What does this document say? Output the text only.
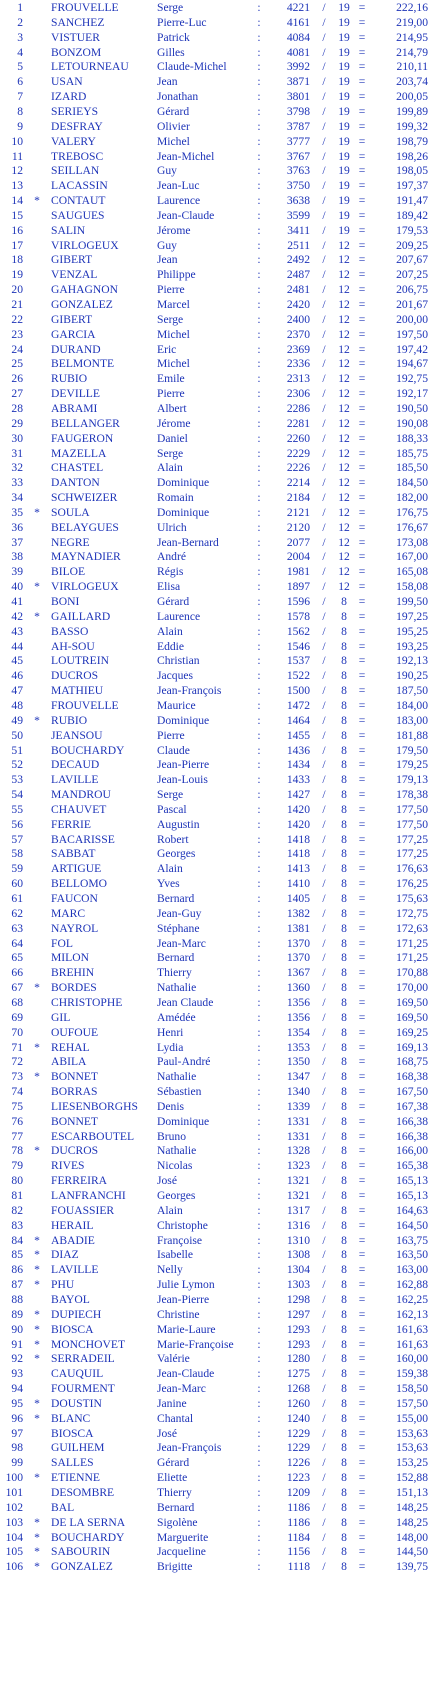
1 FROUVELLE	Serge	:	4221 /	19 =	222,16
2 SANCHEZ	Pierre-Luc	:	4161 /	19 =	219,00
3 VISTUER	Patrick	:	4084 /	19 =	214,95
4 BONZOM	Gilles	:	4081 /	19 =	214,79
5 LETOURNEAU Claude-Michel	:	3992 /	19 =	210,11
6 USAN	Jean	:	3871 /	19 =	203,74
7 IZARD	Jonathan	:	3801 /	19 =	200,05
8 SERIEYS	Gérard	:	3798 /	19 =	199,89
9 DESFRAY	Olivier	:	3787 /	19 =	199,32
10 VALERY	Michel	:	3777 /	19 =	198,79
11 TREBOSC	Jean-Michel	:	3767 /	19 =	198,26
12 SEILLAN	Guy	:	3763 /	19 =	198,05
13 LACASSIN	Jean-Luc	:	3750 /	19 =	197,37
14 * CONTAUT	Laurence	:	3638 /	19 =	191,47
15 SAUGUES	Jean-Claude	:	3599 /	19 =	189,42
16 SALIN	Jérome	:	3411 /	19 =	179,53
17 VIRLOGEUX	Guy	:	2511 /	12 =	209,25
18 GIBERT	Jean	:	2492 /	12 =	207,67
19 VENZAL	Philippe	:	2487 /	12 =	207,25
20 GAHAGNON	Pierre	:	2481 /	12 =	206,75
21 GONZALEZ	Marcel	:	2420 /	12 =	201,67
22 GIBERT	Serge	:	2400 /	12 =	200,00
23 GARCIA	Michel	:	2370 /	12 =	197,50
24 DURAND	Eric	:	2369 /	12 =	197,42
25 BELMONTE	Michel	:	2336 /	12 =	194,67
26 RUBIO	Emile	:	2313 /	12 =	192,75
27 DEVILLE	Pierre	:	2306 /	12 =	192,17
28 ABRAMI	Albert	:	2286 /	12 =	190,50
29 BELLANGER	Jérome	:	2281 /	12 =	190,08
30 FAUGERON	Daniel	:	2260 /	12 =	188,33
31 MAZELLA	Serge	:	2229 /	12 =	185,75
32 CHASTEL	Alain	:	2226 /	12 =	185,50
33 DANTON	Dominique	:	2214 /	12 =	184,50
34 SCHWEIZER	Romain	:	2184 /	12 =	182,00
35 * SOULA	Dominique	:	2121 /	12 =	176,75
36 BELAYGUES	Ulrich	:	2120 /	12 =	176,67
37 NEGRE	Jean-Bernard	:	2077 /	12 =	173,08
38 MAYNADIER	André	:	2004 /	12 =	167,00
39 BILOE	Régis	:	1981 /	12 =	165,08
40 * VIRLOGEUX	Elisa	:	1897 /	12 =	158,08
41 BONI	Gérard	:	1596 /	8	=	199,50
42 * GAILLARD	Laurence	:	1578 /	8	=	197,25
43 BASSO	Alain	:	1562 /	8	=	195,25
44 AH-SOU	Eddie	:	1546 /	8	=	193,25
45 LOUTREIN	Christian	:	1537 /	8	=	192,13
46 DUCROS	Jacques	:	1522 /	8	=	190,25
47 MATHIEU	Jean-François	:	1500 /	8	=	187,50
48 FROUVELLE	Maurice	:	1472 /	8	=	184,00
49 * RUBIO	Dominique	:	1464 /	8	=	183,00
50 JEANSOU	Pierre	:	1455 /	8	=	181,88
51 BOUCHARDY	Claude	:	1436 /	8	=	179,50
52 DECAUD	Jean-Pierre	:	1434 /	8	=	179,25
53 LAVILLE	Jean-Louis	:	1433 /	8	=	179,13
54 MANDROU	Serge	:	1427 /	8	=	178,38
55 CHAUVET	Pascal	:	1420 /	8	=	177,50
56 FERRIE	Augustin	:	1420 /	8	=	177,50
57 BACARISSE	Robert	:	1418 /	8	=	177,25
58 SABBAT	Georges	:	1418 /	8	=	177,25
59 ARTIGUE	Alain	:	1413 /	8	=	176,63
60 BELLOMO	Yves	:	1410 /	8	=	176,25
61 FAUCON	Bernard	:	1405 /	8	=	175,63
62 MARC	Jean-Guy	:	1382 /	8	=	172,75
63 NAYROL	Stéphane	:	1381 /	8	=	172,63
64 FOL	Jean-Marc	:	1370 /	8	=	171,25
65 MILON	Bernard	:	1370 /	8	=	171,25
66 BREHIN	Thierry	:	1367 /	8	=	170,88
67 * BORDES	Nathalie	:	1360 /	8	=	170,00
68 CHRISTOPHE	Jean Claude	:	1356 /	8	=	169,50
69 GIL	Amédée	:	1356 /	8	=	169,50
70 OUFOUE	Henri	:	1354 /	8	=	169,25
71 * REHAL	Lydia	:	1353 /	8	=	169,13
72 ABILA	Paul-André	:	1350 /	8	=	168,75
73 * BONNET	Nathalie	:	1347 /	8	=	168,38
74 BORRAS	Sébastien	:	1340 /	8	=	167,50
75 LIESENBORGHS Denis	:	1339 /	8	=	167,38
76 BONNET	Dominique	:	1331 /	8	=	166,38
77 ESCARBOUTEL Bruno	:	1331 /	8	=	166,38
78 * DUCROS	Nathalie	:	1328 /	8	=	166,00
79 RIVES	Nicolas	:	1323 /	8	=	165,38
80 FERREIRA	José	:	1321 /	8	=	165,13
81 LANFRANCHI	Georges	:	1321 /	8	=	165,13
82 FOUASSIER	Alain	:	1317 /	8	=	164,63
83 HERAIL	Christophe	:	1316 /	8	=	164,50
84 * ABADIE	Françoise	:	1310 /	8	=	163,75
85 * DIAZ	Isabelle	:	1308 /	8	=	163,50
86 * LAVILLE	Nelly	:	1304 /	8	=	163,00
87 * PHU	Julie Lymon	:	1303 /	8	=	162,88
88 BAYOL	Jean-Pierre	:	1298 /	8	=	162,25
89 * DUPIECH	Christine	:	1297 /	8	=	162,13
90 * BIOSCA	Marie-Laure	:	1293 /	8	=	161,63
91 * MONCHOVET	Marie-Françoise :	1293 /	8	=	161,63
92 * SERRADEIL	Valérie	:	1280 /	8	=	160,00
93 CAUQUIL	Jean-Claude	:	1275 /	8	=	159,38
94 FOURMENT	Jean-Marc	:	1268 /	8	=	158,50
95 * DOUSTIN	Janine	:	1260 /	8	=	157,50
96 * BLANC	Chantal	:	1240 /	8	=	155,00
97 BIOSCA	José	:	1229 /	8	=	153,63
98 GUILHEM	Jean-François	:	1229 /	8	=	153,63
99 SALLES	Gérard	:	1226 /	8	=	153,25
100 * ETIENNE	Eliette	:	1223 /	8	=	152,88
101 DESOMBRE	Thierry	:	1209 /	8	=	151,13
102 BAL	Bernard	:	1186 /	8	=	148,25
103 * DE LA SERNA	Sigolène	:	1186 /	8	=	148,25
104 * BOUCHARDY	Marguerite	:	1184 /	8	=	148,00
105 * SABOURIN	Jacqueline	:	1156 /	8	=	144,50
106 * GONZALEZ	Brigitte	:	1118 /	8	=	139,75
